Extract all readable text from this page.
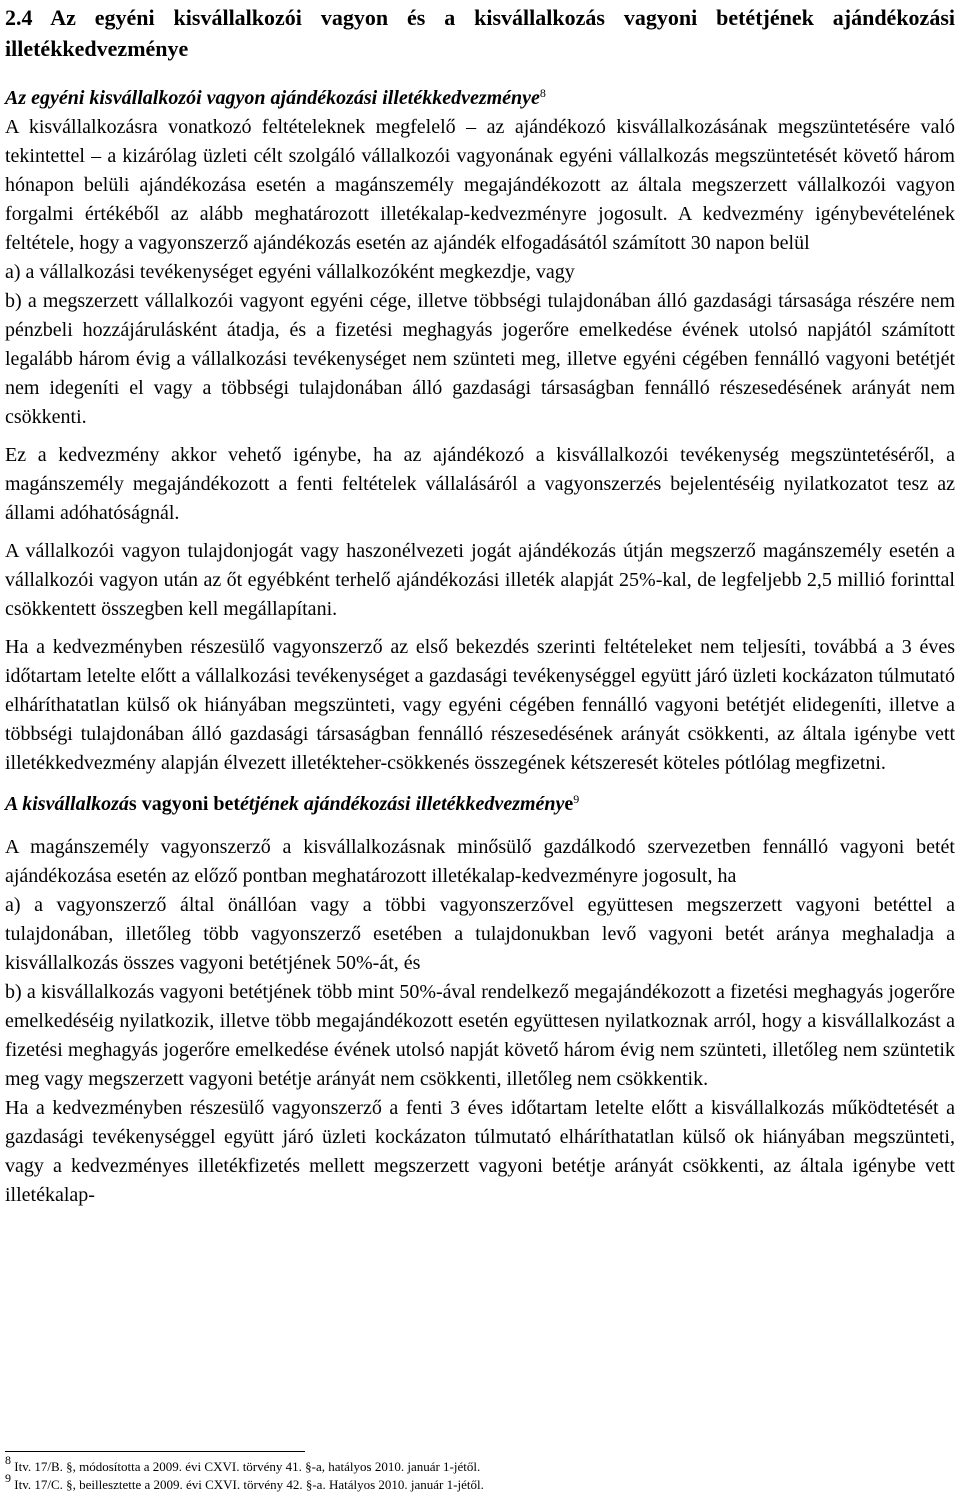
2.4 Az egyéni kisvállalkozói vagyon és a kisvállalkozás vagyoni betétjének ajándékozási illetékkedvezménye
Az egyéni kisvállalkozói vagyon ajándékozási illetékkedvezménye$^8$

A kisvállalkozásra vonatkozó feltételeknek megfelelő – az ajándékozó kisvállalkozásának megszüntetésére való tekintettel – a kizárólag üzleti célt szolgáló vállalkozói vagyonának egyéni vállalkozás megszüntetését követő három hónapon belüli ajándékozása esetén a magánszemély megajándékozott az általa megszerzett vállalkozói vagyon forgalmi értékéből az alább meghatározott illetékalap-kedvezményre jogosult. A kedvezmény igénybevételének feltétele, hogy a vagyonszerző ajándékozás esetén az ajándék elfogadásától számított 30 napon belül

a) a vállalkozási tevékenységet egyéni vállalkozóként megkezdje, vagy

b) a megszerzett vállalkozói vagyont egyéni cége, illetve többségi tulajdonában álló gazdasági társasága részére nem pénzbeli hozzájárulásként átadja, és a fizetési meghagyás jogerőre emelkedése évének utolsó napjától számított legalább három évig a vállalkozási tevékenységet nem szünteti meg, illetve egyéni cégében fennálló vagyoni betétjét nem idegeníti el vagy a többségi tulajdonában álló gazdasági társaságban fennálló részesedésének arányát nem csökkenti.

Ez a kedvezmény akkor vehető igénybe, ha az ajándékozó a kisvállalkozói tevékenység megszüntetéséről, a magánszemély megajándékozott a fenti feltételek vállalásáról a vagyonszerzés bejelentéséig nyilatkozatot tesz az állami adóhatóságnál.

A vállalkozói vagyon tulajdonjogát vagy haszonélvezeti jogát ajándékozás útján megszerző magánszemély esetén a vállalkozói vagyon után az őt egyébként terhelő ajándékozási illeték alapját 25%-kal, de legfeljebb 2,5 millió forinttal csökkentett összegben kell megállapítani.

Ha a kedvezményben részesülő vagyonszerző az első bekezdés szerinti feltételeket nem teljesíti, továbbá a 3 éves időtartam letelte előtt a vállalkozási tevékenységet a gazdasági tevékenységgel együtt járó üzleti kockázaton túlmutató elháríthatatlan külső ok hiányában megszünteti, vagy egyéni cégében fennálló vagyoni betétjét elidegeníti, illetve a többségi tulajdonában álló gazdasági társaságban fennálló részesedésének arányát csökkenti, az általa igénybe vett illetékkedvezmény alapján élvezett illetékteher-csökkenés összegének kétszeresét köteles pótlólag megfizetni.

A kisvállalkozás vagyoni betétjének ajándékozási illetékkedvezménye$^9$

A magánszemély vagyonszerző a kisvállalkozásnak minősülő gazdálkodó szervezetben fennálló vagyoni betét ajándékozása esetén az előző pontban meghatározott illetékalap-kedvezményre jogosult, ha

a) a vagyonszerző által önállóan vagy a többi vagyonszerzővel együttesen megszerzett vagyoni betéttel a tulajdonában, illetőleg több vagyonszerző esetében a tulajdonukban levő vagyoni betét aránya meghaladja a kisvállalkozás összes vagyoni betétjének 50%-át, és

b) a kisvállalkozás vagyoni betétjének több mint 50%-ával rendelkező megajándékozott a fizetési meghagyás jogerőre emelkedéséig nyilatkozik, illetve több megajándékozott esetén együttesen nyilatkoznak arról, hogy a kisvállalkozást a fizetési meghagyás jogerőre emelkedése évének utolsó napját követő három évig nem szünteti, illetőleg nem szüntetik meg vagy megszerzett vagyoni betétje arányát nem csökkenti, illetőleg nem csökkentik.

Ha a kedvezményben részesülő vagyonszerző a fenti 3 éves időtartam letelte előtt a kisvállalkozás működtetését a gazdasági tevékenységgel együtt járó üzleti kockázaton túlmutató elháríthatatlan külső ok hiányában megszünteti, vagy a kedvezményes illetékfizetés mellett megszerzett vagyoni betétje arányát csökkenti, az általa igénybe vett illetékalap-

$^8$ Itv. 17/B. §, módosította a 2009. évi CXVI. törvény 41. §-a, hatályos 2010. január 1-jétől.

$^9$ Itv. 17/C. §, beillesztette a 2009. évi CXVI. törvény 42. §-a. Hatályos 2010. január 1-jétől.
